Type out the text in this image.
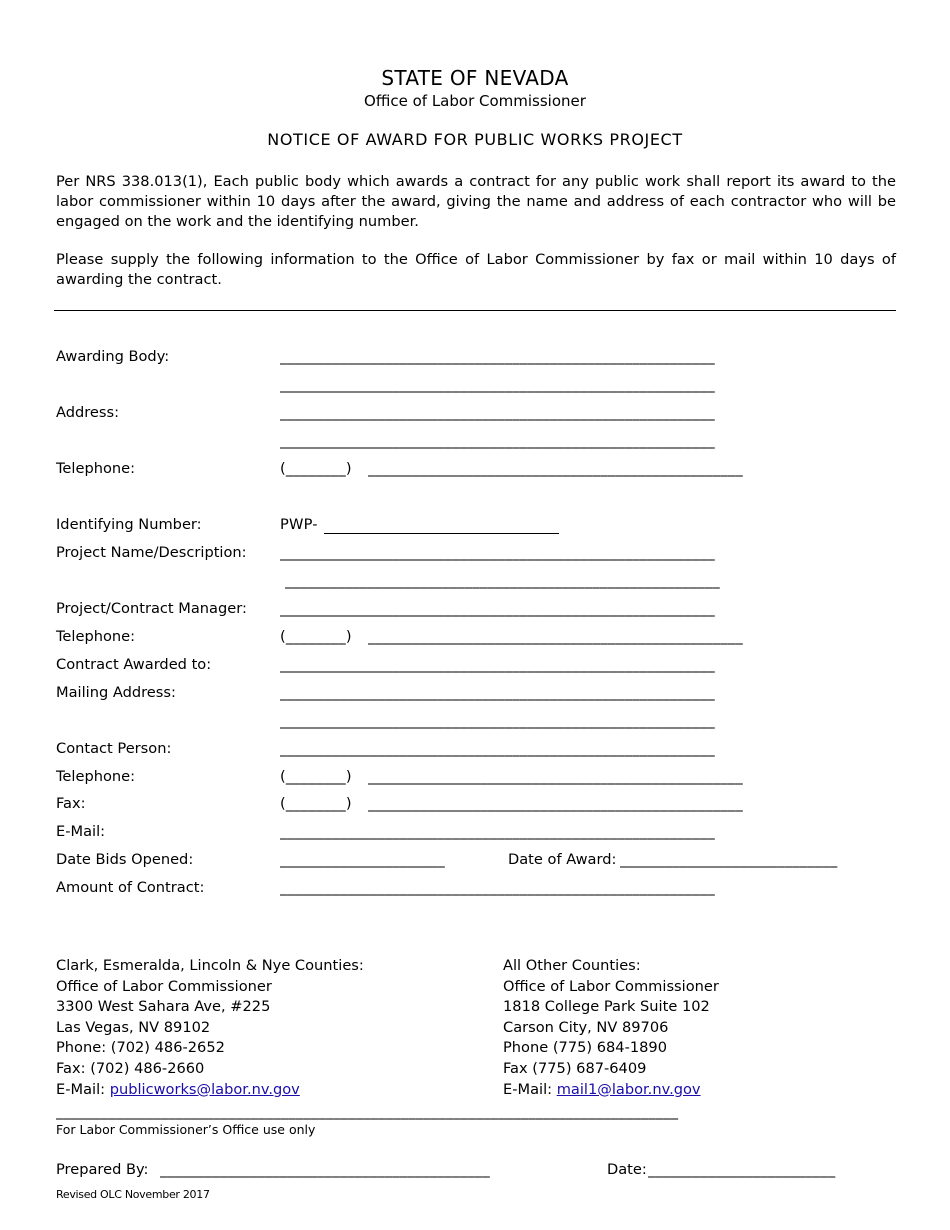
STATE OF NEVADA
Office of Labor Commissioner
NOTICE OF AWARD FOR PUBLIC WORKS PROJECT
Per NRS 338.013(1), Each public body which awards a contract for any public work shall report its award to the labor commissioner within 10 days after the award, giving the name and address of each contractor who will be engaged on the work and the identifying number.
Please supply the following information to the Office of Labor Commissioner by fax or mail within 10 days of awarding the contract.
Awarding Body:	__________________________________________________________
__________________________________________________________
Address:	__________________________________________________________
__________________________________________________________
Telephone:	(________) __________________________________________________
Identifying Number:	PWP-
Project Name/Description: __________________________________________________________
__________________________________________________________
Project/Contract Manager: __________________________________________________________
Telephone:	(________) __________________________________________________
Contract Awarded to:	__________________________________________________________
Mailing Address:	__________________________________________________________
__________________________________________________________
Contact Person:	__________________________________________________________
Telephone:	(________) __________________________________________________
Fax:	(________) __________________________________________________
E-Mail:	__________________________________________________________
Date Bids Opened:	______________________	Date of Award: _____________________________
Amount of Contract:	__________________________________________________________
Clark, Esmeralda, Lincoln & Nye Counties:
Office of Labor Commissioner
3300 West Sahara Ave, #225
Las Vegas, NV 89102
Phone: (702) 486-2652
Fax: (702) 486-2660
E-Mail: publicworks@labor.nv.gov
All Other Counties:
Office of Labor Commissioner
1818 College Park Suite 102
Carson City, NV 89706
Phone (775) 684-1890
Fax (775) 687-6409
E-Mail: mail1@labor.nv.gov
___________________________________________________________________________________
For Labor Commissioner’s Office use only
Prepared By: ____________________________________________	Date: _________________________
Revised OLC November 2017
